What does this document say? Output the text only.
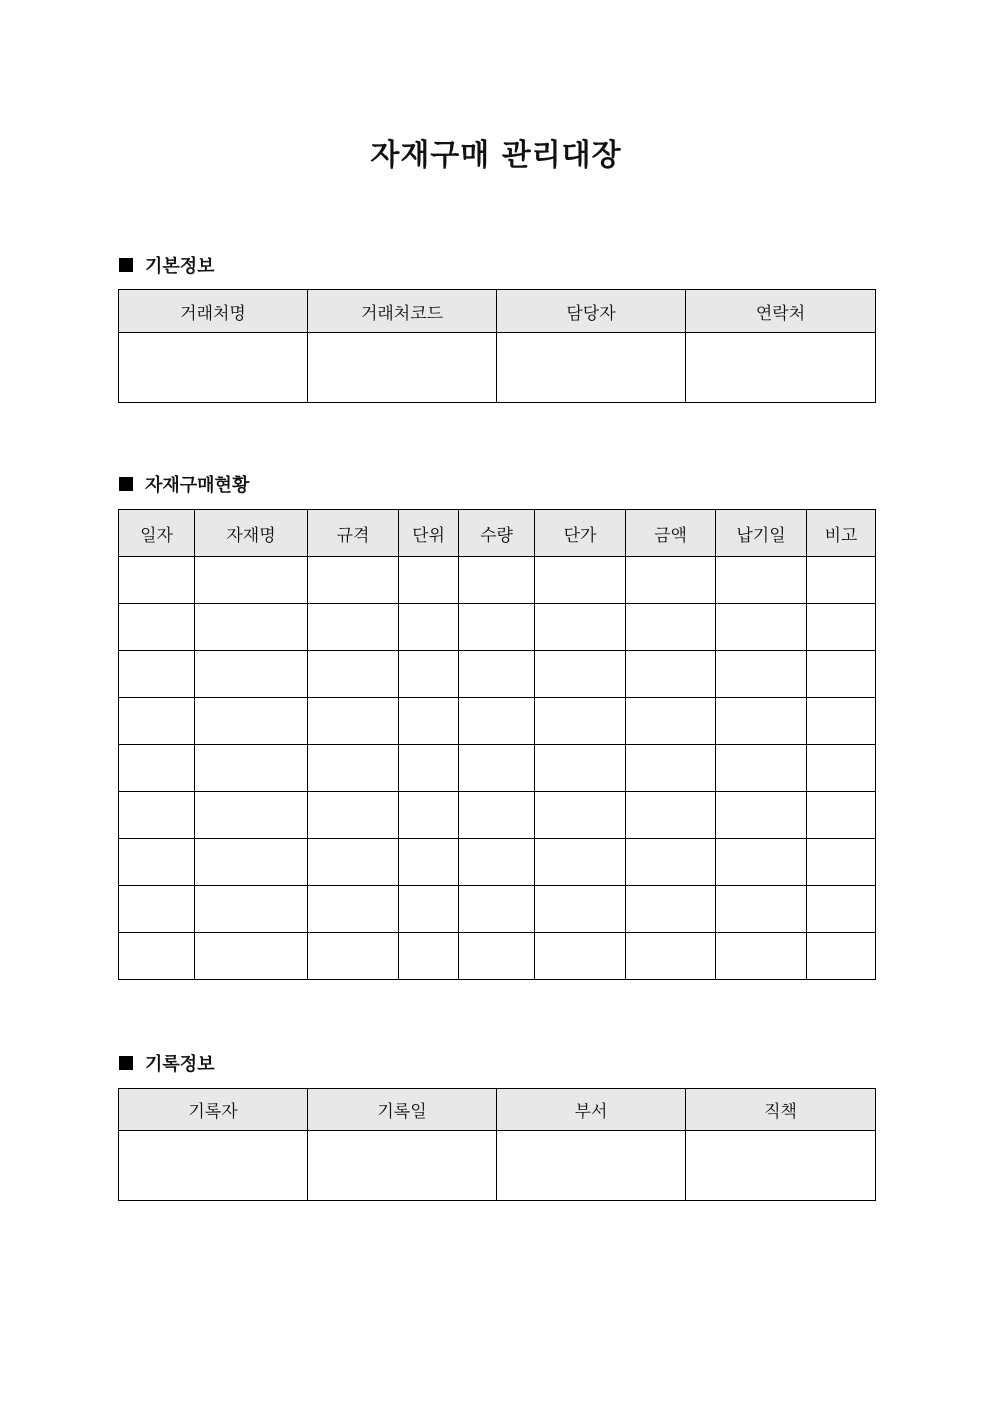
자재구매 관리대장
기본정보
거래처명	거래처코드	담당자	연락처

자재구매현황
일자	자재명	규격	단위	수량	단가	금액	납기일	비고

기록정보
기록자	기록일	부서	직책
